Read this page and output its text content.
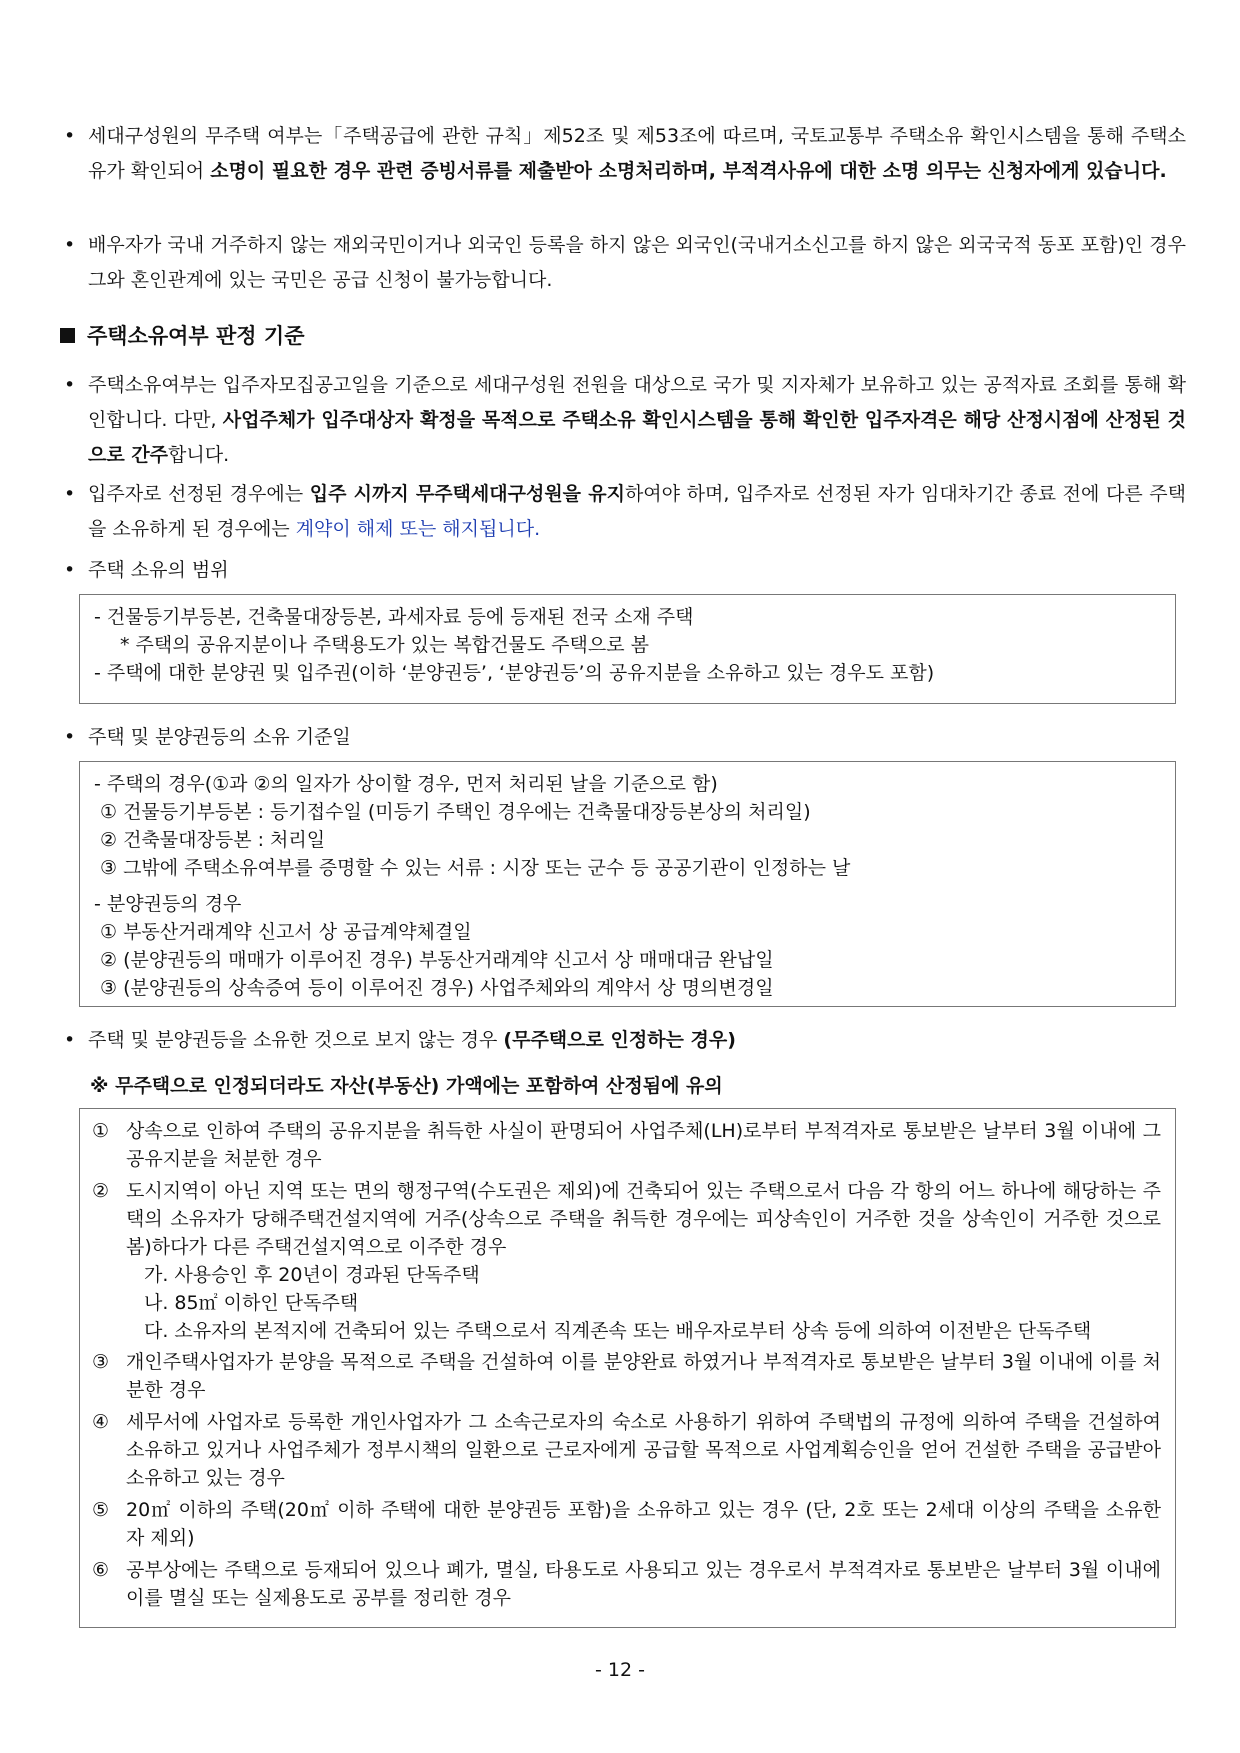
• 세대구성원의 무주택 여부는「주택공급에 관한 규칙」제52조 및 제53조에 따르며, 국토교통부 주택소유 확인시스템을 통해 주택소유가 확인되어 소명이 필요한 경우 관련 증빙서류를 제출받아 소명처리하며, 부적격사유에 대한 소명 의무는 신청자에게 있습니다.
• 배우자가 국내 거주하지 않는 재외국민이거나 외국인 등록을 하지 않은 외국인(국내거소신고를 하지 않은 외국국적 동포 포함)인 경우 그와 혼인관계에 있는 국민은 공급 신청이 불가능합니다.
주택소유여부 판정 기준
• 주택소유여부는 입주자모집공고일을 기준으로 세대구성원 전원을 대상으로 국가 및 지자체가 보유하고 있는 공적자료 조회를 통해 확인합니다. 다만, 사업주체가 입주대상자 확정을 목적으로 주택소유 확인시스템을 통해 확인한 입주자격은 해당 산정시점에 산정된 것으로 간주합니다.
• 입주자로 선정된 경우에는 입주 시까지 무주택세대구성원을 유지하여야 하며, 입주자로 선정된 자가 임대차기간 종료 전에 다른 주택을 소유하게 된 경우에는 계약이 해제 또는 해지됩니다.
• 주택 소유의 범위
- 건물등기부등본, 건축물대장등본, 과세자료 등에 등재된 전국 소재 주택
* 주택의 공유지분이나 주택용도가 있는 복합건물도 주택으로 봄
- 주택에 대한 분양권 및 입주권(이하 ‘분양권등’, ‘분양권등’의 공유지분을 소유하고 있는 경우도 포함)
• 주택 및 분양권등의 소유 기준일
- 주택의 경우(①과 ②의 일자가 상이할 경우, 먼저 처리된 날을 기준으로 함)
① 건물등기부등본 : 등기접수일 (미등기 주택인 경우에는 건축물대장등본상의 처리일)
② 건축물대장등본 : 처리일
③ 그밖에 주택소유여부를 증명할 수 있는 서류 : 시장 또는 군수 등 공공기관이 인정하는 날
- 분양권등의 경우
① 부동산거래계약 신고서 상 공급계약체결일
② (분양권등의 매매가 이루어진 경우) 부동산거래계약 신고서 상 매매대금 완납일
③ (분양권등의 상속증여 등이 이루어진 경우) 사업주체와의 계약서 상 명의변경일
• 주택 및 분양권등을 소유한 것으로 보지 않는 경우 (무주택으로 인정하는 경우)
※ 무주택으로 인정되더라도 자산(부동산) 가액에는 포함하여 산정됨에 유의
① 상속으로 인하여 주택의 공유지분을 취득한 사실이 판명되어 사업주체(LH)로부터 부적격자로 통보받은 날부터 3월 이내에 그 공유지분을 처분한 경우
② 도시지역이 아닌 지역 또는 면의 행정구역(수도권은 제외)에 건축되어 있는 주택으로서 다음 각 항의 어느 하나에 해당하는 주택의 소유자가 당해주택건설지역에 거주(상속으로 주택을 취득한 경우에는 피상속인이 거주한 것을 상속인이 거주한 것으로 봄)하다가 다른 주택건설지역으로 이주한 경우
가. 사용승인 후 20년이 경과된 단독주택
나. 85㎡ 이하인 단독주택
다. 소유자의 본적지에 건축되어 있는 주택으로서 직계존속 또는 배우자로부터 상속 등에 의하여 이전받은 단독주택
③ 개인주택사업자가 분양을 목적으로 주택을 건설하여 이를 분양완료 하였거나 부적격자로 통보받은 날부터 3월 이내에 이를 처분한 경우
④ 세무서에 사업자로 등록한 개인사업자가 그 소속근로자의 숙소로 사용하기 위하여 주택법의 규정에 의하여 주택을 건설하여 소유하고 있거나 사업주체가 정부시책의 일환으로 근로자에게 공급할 목적으로 사업계획승인을 얻어 건설한 주택을 공급받아 소유하고 있는 경우
⑤ 20㎡ 이하의 주택(20㎡ 이하 주택에 대한 분양권등 포함)을 소유하고 있는 경우 (단, 2호 또는 2세대 이상의 주택을 소유한 자 제외)
⑥ 공부상에는 주택으로 등재되어 있으나 폐가, 멸실, 타용도로 사용되고 있는 경우로서 부적격자로 통보받은 날부터 3월 이내에 이를 멸실 또는 실제용도로 공부를 정리한 경우
- 12 -
